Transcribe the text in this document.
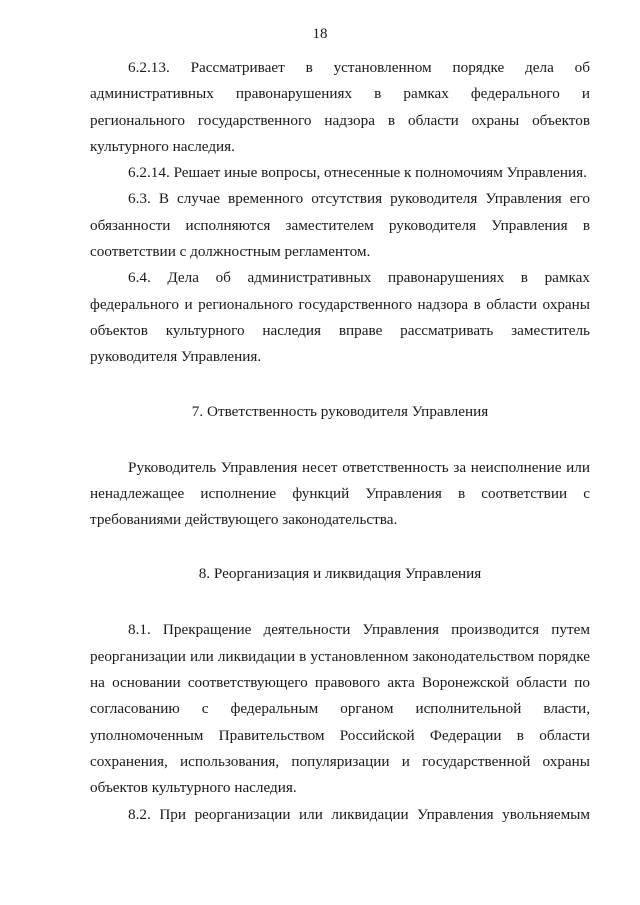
18

6.2.13. Рассматривает в установленном порядке дела об административных правонарушениях в рамках федерального и регионального государственного надзора в области охраны объектов культурного наследия.

6.2.14. Решает иные вопросы, отнесенные к полномочиям Управления.

6.3. В случае временного отсутствия руководителя Управления его обязанности исполняются заместителем руководителя Управления в соответствии с должностным регламентом.

6.4. Дела об административных правонарушениях в рамках федерального и регионального государственного надзора в области охраны объектов культурного наследия вправе рассматривать заместитель руководителя Управления.

7. Ответственность руководителя Управления

Руководитель Управления несет ответственность за неисполнение или ненадлежащее исполнение функций Управления в соответствии с требованиями действующего законодательства.

8. Реорганизация и ликвидация Управления

8.1. Прекращение деятельности Управления производится путем реорганизации или ликвидации в установленном законодательством порядке на основании соответствующего правового акта Воронежской области по согласованию с федеральным органом исполнительной власти, уполномоченным Правительством Российской Федерации в области сохранения, использования, популяризации и государственной охраны объектов культурного наследия.

8.2. При реорганизации или ликвидации Управления увольняемым
